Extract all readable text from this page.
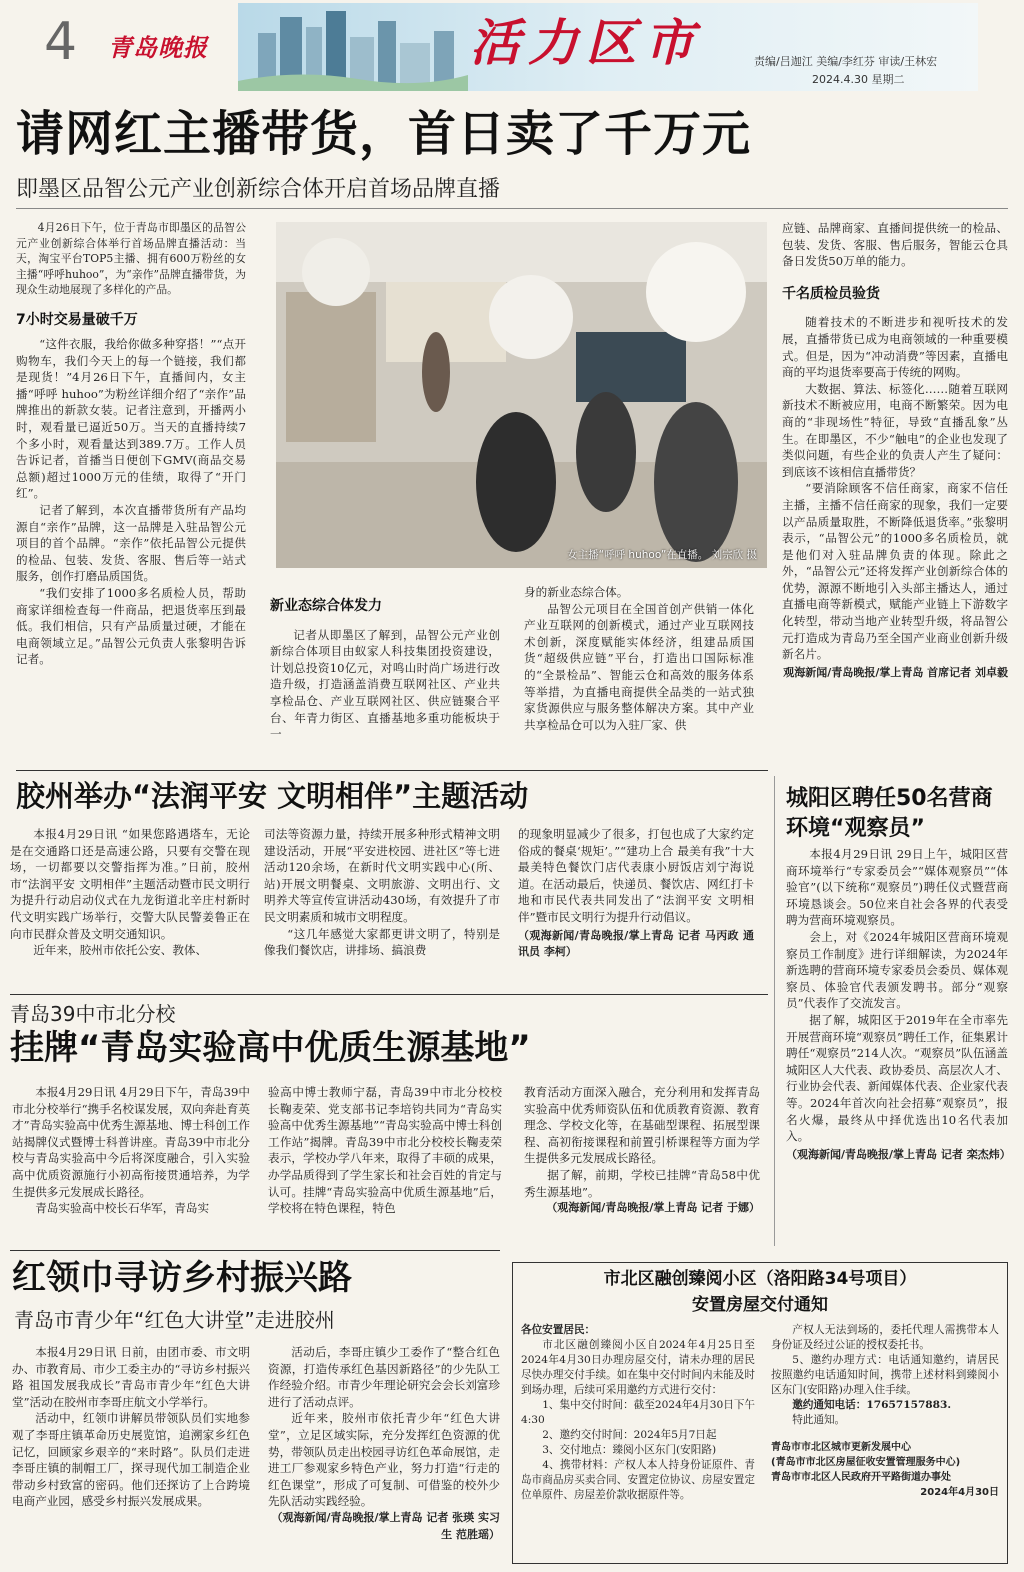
4 青岛晚报	活力区市	责编/吕迦江 美编/李红芬 审读/王林宏
2024.4.30 星期二
请网红主播带货，首日卖了千万元
即墨区品智公元产业创新综合体开启首场品牌直播

4月26日下午，位于青岛市即墨区的品智公元产业创新综合体举行首场品牌直播活动：当天，淘宝平台TOP5主播、拥有600万粉丝的女主播“呼呼huhoo”，为“亲作”品牌直播带货，为现众生动地展现了多样化的产品。

7小时交易量破千万

“这件衣服，我给你做多种穿搭！”“点开购物车，我们今天上的每一个链接，我们都是现货！”4月26日下午，直播间内，女主播“呼呼 huhoo”为粉丝详细介绍了“亲作”品牌推出的新款女装。记者注意到，开播两小时，观看量已逼近50万。当天的直播持续7个多小时，观看量达到389.7万。工作人员告诉记者，首播当日便创下GMV(商品交易总额)超过1000万元的佳绩，取得了“开门红”。

记者了解到，本次直播带货所有产品均源自“亲作”品牌，这一品牌是入驻品智公元项目的首个品牌。“亲作”依托品智公元提供的检品、包装、发货、客服、售后等一站式服务，创作打磨品质国货。

“我们安排了1000多名质检人员，帮助商家详细检查每一件商品，把退货率压到最低。我们相信，只有产品质量过硬，才能在电商领域立足。”品智公元负责人张黎明告诉记者。

女主播“呼呼 huhoo”在直播。 刘宗欣 摄
新业态综合体发力

记者从即墨区了解到，品智公元产业创新综合体项目由蚁家人科技集团投资建设，计划总投资10亿元，对鸣山时尚广场进行改造升级，打造涵盖消费互联网社区、产业共享检品仓、产业互联网社区、供应链聚合平台、年青力街区、直播基地多重功能板块于一

身的新业态综合体。

品智公元项目在全国首创产供销一体化产业互联网的创新模式，通过产业互联网技术创新，深度赋能实体经济，组建品质国货“超级供应链”平台，打造出口国际标准的“全景检品”、智能云仓和高效的服务体系等举措，为直播电商提供全品类的一站式独家货源供应与服务整体解决方案。其中产业共享检品仓可以为入驻厂家、供

应链、品牌商家、直播间提供统一的检品、包装、发货、客服、售后服务，智能云仓具备日发货50万单的能力。

千名质检员验货

随着技术的不断进步和视听技术的发展，直播带货已成为电商领域的一种重要模式。但是，因为“冲动消费”等因素，直播电商的平均退货率要高于传统的网购。

大数据、算法、标签化……随着互联网新技术不断被应用，电商不断繁荣。因为电商的“非现场性”特征，导致“直播乱象”丛生。在即墨区，不少“触电”的企业也发现了类似问题，有些企业的负责人产生了疑问：到底该不该相信直播带货？

“要消除顾客不信任商家，商家不信任主播，主播不信任商家的现象，我们一定要以产品质量取胜，不断降低退货率。”张黎明表示，“品智公元”的1000多名质检员，就是他们对入驻品牌负责的体现。除此之外，“品智公元”还将发挥产业创新综合体的优势，源源不断地引入头部主播达人，通过直播电商等新模式，赋能产业链上下游数字化转型，带动当地产业转型升级，将品智公元打造成为青岛乃至全国产业商业创新升级新名片。

观海新闻/青岛晚报/掌上青岛 首席记者 刘卓毅
胶州举办“法润平安 文明相伴”主题活动

本报4月29日讯 “如果您路遇塔车，无论是在交通路口还是高速公路，只要有交警在现场，一切都要以交警指挥为准。”日前，胶州市“法润平安 文明相伴”主题活动暨市民文明行为提升行动启动仪式在九龙街道北辛庄村新时代文明实践广场举行，交警大队民警姜鲁正在向市民群众普及文明交通知识。

近年来，胶州市依托公安、教体、

司法等资源力量，持续开展多种形式精神文明建设活动，开展“平安进校园、进社区”等七进活动120余场，在新时代文明实践中心(所、站)开展文明餐桌、文明旅游、文明出行、文明养犬等宣传宣讲活动430场，有效提升了市民文明素质和城市文明程度。

“这几年感觉大家都更讲文明了，特别是像我们餐饮店，讲排场、搞浪费

的现象明显减少了很多，打包也成了大家约定俗成的餐桌‘规矩’。”“建功上合 最美有我”十大最美特色餐饮门店代表康小厨饭店刘宁海说道。在活动最后，快递员、餐饮店、网红打卡地和市民代表共同发出了“法润平安 文明相伴”暨市民文明行为提升行动倡议。

（观海新闻/青岛晚报/掌上青岛 记者 马丙政 通讯员 李柯）
城阳区聘任50名营商环境“观察员”

本报4月29日讯 29日上午，城阳区营商环境举行“专家委员会”“媒体观察员”“体验官”(以下统称“观察员”)聘任仪式暨营商环境恳谈会。50位来自社会各界的代表受聘为营商环境观察员。

会上，对《2024年城阳区营商环境观察员工作制度》进行详细解读，为2024年新选聘的营商环境专家委员会委员、媒体观察员、体验官代表颁发聘书。部分“观察员”代表作了交流发言。

据了解，城阳区于2019年在全市率先开展营商环境“观察员”聘任工作，征集累计聘任“观察员”214人次。“观察员”队伍涵盖城阳区人大代表、政协委员、高层次人才、行业协会代表、新闻媒体代表、企业家代表等。2024年首次向社会招募“观察员”，报名火爆，最终从中择优选出10名代表加入。

（观海新闻/青岛晚报/掌上青岛 记者 栾杰炜）
青岛39中市北分校
挂牌“青岛实验高中优质生源基地”

本报4月29日讯 4月29日下午，青岛39中市北分校举行“携手名校谋发展，双向奔赴育英才”青岛实验高中优秀生源基地、博士科创工作站揭牌仪式暨博士科普讲座。青岛39中市北分校与青岛实验高中今后将深度融合，引入实验高中优质资源施行小初高衔接贯通培养，为学生提供多元发展成长路径。

青岛实验高中校长石华军，青岛实

验高中博士教师宁磊，青岛39中市北分校校长鞠麦荣、党支部书记李培钧共同为“青岛实验高中优秀生源基地”“青岛实验高中博士科创工作站”揭牌。青岛39中市北分校校长鞠麦荣表示，学校办学八年来，取得了丰硕的成果，办学品质得到了学生家长和社会百姓的肯定与认可。挂牌“青岛实验高中优质生源基地”后，学校将在特色课程，特色

教育活动方面深入融合，充分利用和发挥青岛实验高中优秀师资队伍和优质教育资源、教育理念、学校文化等，在基础型课程、拓展型课程、高初衔接课程和前置引桥课程等方面为学生提供多元发展成长路径。

据了解，前期，学校已挂牌“青岛58中优秀生源基地”。

（观海新闻/青岛晚报/掌上青岛 记者 于娜）
红领巾寻访乡村振兴路
青岛市青少年“红色大讲堂”走进胶州

本报4月29日讯 日前，由团市委、市文明办、市教育局、市少工委主办的“寻访乡村振兴路 祖国发展我成长”青岛市青少年“红色大讲堂”活动在胶州市李哥庄航文小学举行。

活动中，红领巾讲解员带领队员们实地参观了李哥庄镇革命历史展览馆，追溯家乡红色记忆，回顾家乡艰辛的“来时路”。队员们走进李哥庄镇的制帽工厂，探寻现代加工制造企业带动乡村致富的密码。他们还探访了上合跨境电商产业园，感受乡村振兴发展成果。

活动后，李哥庄镇少工委作了“整合红色资源，打造传承红色基因新路径”的少先队工作经验介绍。市青少年理论研究会会长刘富珍进行了活动点评。

近年来，胶州市依托青少年“红色大讲堂”，立足区域实际，充分发挥红色资源的优势，带领队员走出校园寻访红色革命展馆，走进工厂参观家乡特色产业，努力打造“行走的红色课堂”，形成了可复制、可借鉴的校外少先队活动实践经验。

（观海新闻/青岛晚报/掌上青岛 记者 张瑛 实习生 范胜瑶）
市北区融创臻阅小区（洛阳路34号项目）
安置房屋交付通知
各位安置居民：

市北区融创臻阅小区自2024年4月25日至2024年4月30日办理房屋交付，请未办理的居民尽快办理交付手续。如在集中交付时间内未能及时到场办理，后续可采用邀约方式进行交付：

1、集中交付时间：截至2024年4月30日下午4:30

2、邀约交付时间：2024年5月7日起

3、交付地点：臻阅小区东门(安阳路)

4、携带材料：产权人本人持身份证原件、青岛市商品房买卖合同、安置定位协议、房屋安置定位单原件、房屋差价款收据原件等。

产权人无法到场的，委托代理人需携带本人身份证及经过公证的授权委托书。

5、邀约办理方式：电话通知邀约，请居民按照邀约电话通知时间，携带上述材料到臻阅小区东门(安阳路)办理入住手续。

邀约通知电话：17657157883.

特此通知。

青岛市市北区城市更新发展中心
(青岛市市北区房屋征收安置管理服务中心)
青岛市市北区人民政府开平路街道办事处
2024年4月30日
